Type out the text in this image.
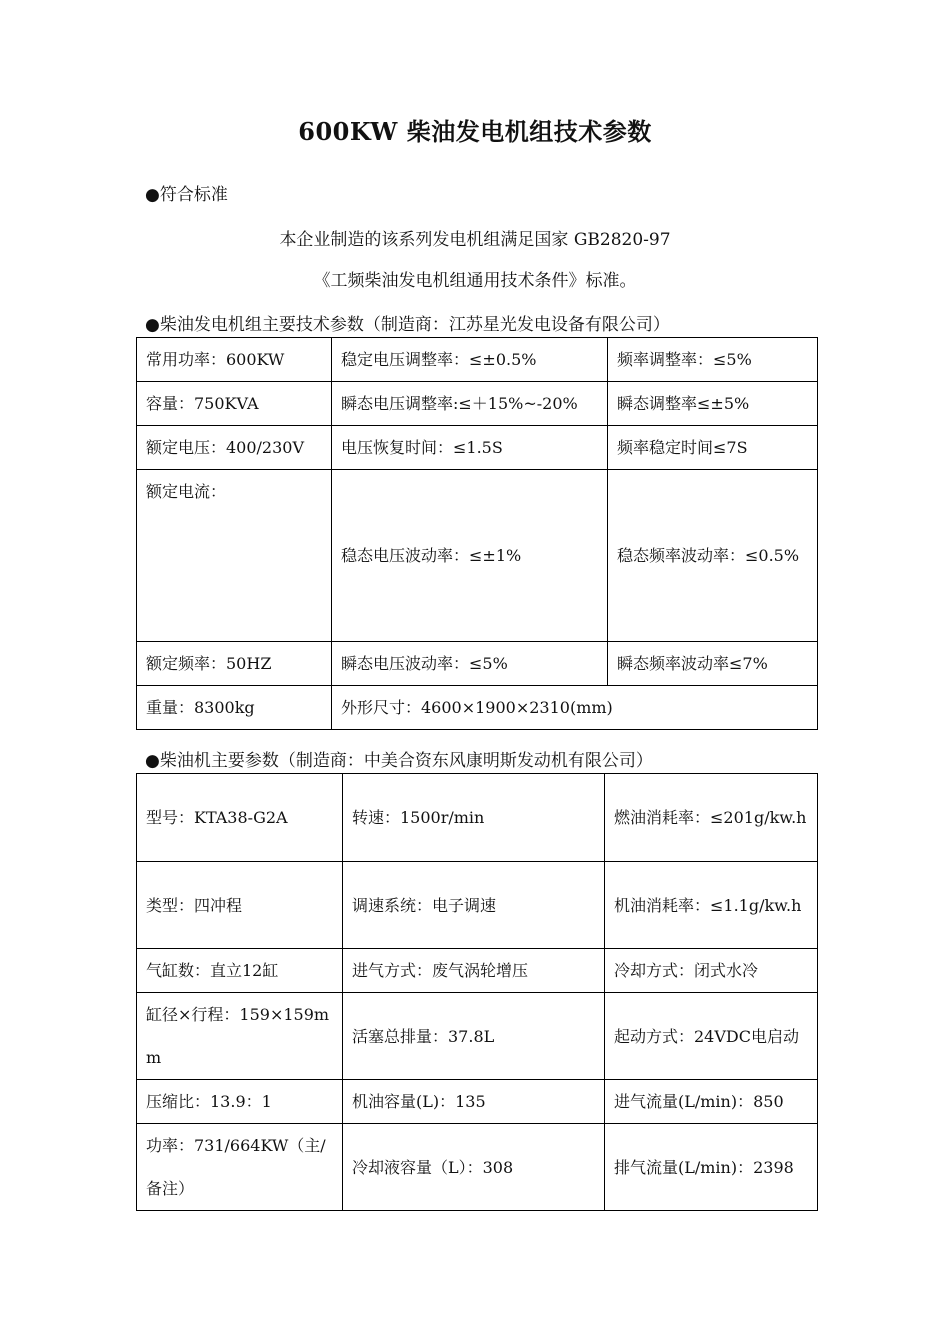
600KW 柴油发电机组技术参数
●符合标准
本企业制造的该系列发电机组满足国家 GB2820-97
《工频柴油发电机组通用技术条件》标准。
●柴油发电机组主要技术参数（制造商：江苏星光发电设备有限公司）
常用功率：600KW	稳定电压调整率：≤±0.5%	频率调整率：≤5%
容量：750KVA	瞬态电压调整率:≤＋15%~-20%	瞬态调整率≤±5%
额定电压：400/230V	电压恢复时间：≤1.5S	频率稳定时间≤7S
额定电流：	稳态电压波动率：≤±1%	稳态频率波动率：≤0.5%
额定频率：50HZ	瞬态电压波动率：≤5%	瞬态频率波动率≤7%
重量：8300kg	外形尺寸：4600×1900×2310(mm)	
●柴油机主要参数（制造商：中美合资东风康明斯发动机有限公司）
型号：KTA38-G2A	转速：1500r/min	燃油消耗率：≤201g/kw.h
类型：四冲程	调速系统：电子调速	机油消耗率：≤1.1g/kw.h
气缸数：直立12缸	进气方式：废气涡轮增压	冷却方式：闭式水冷
缸径×行程：159×159mm	活塞总排量：37.8L	起动方式：24VDC电启动
压缩比：13.9：1	机油容量(L)：135	进气流量(L/min)：850
功率：731/664KW（主/备注）	冷却液容量（L）：308	排气流量(L/min)：2398
